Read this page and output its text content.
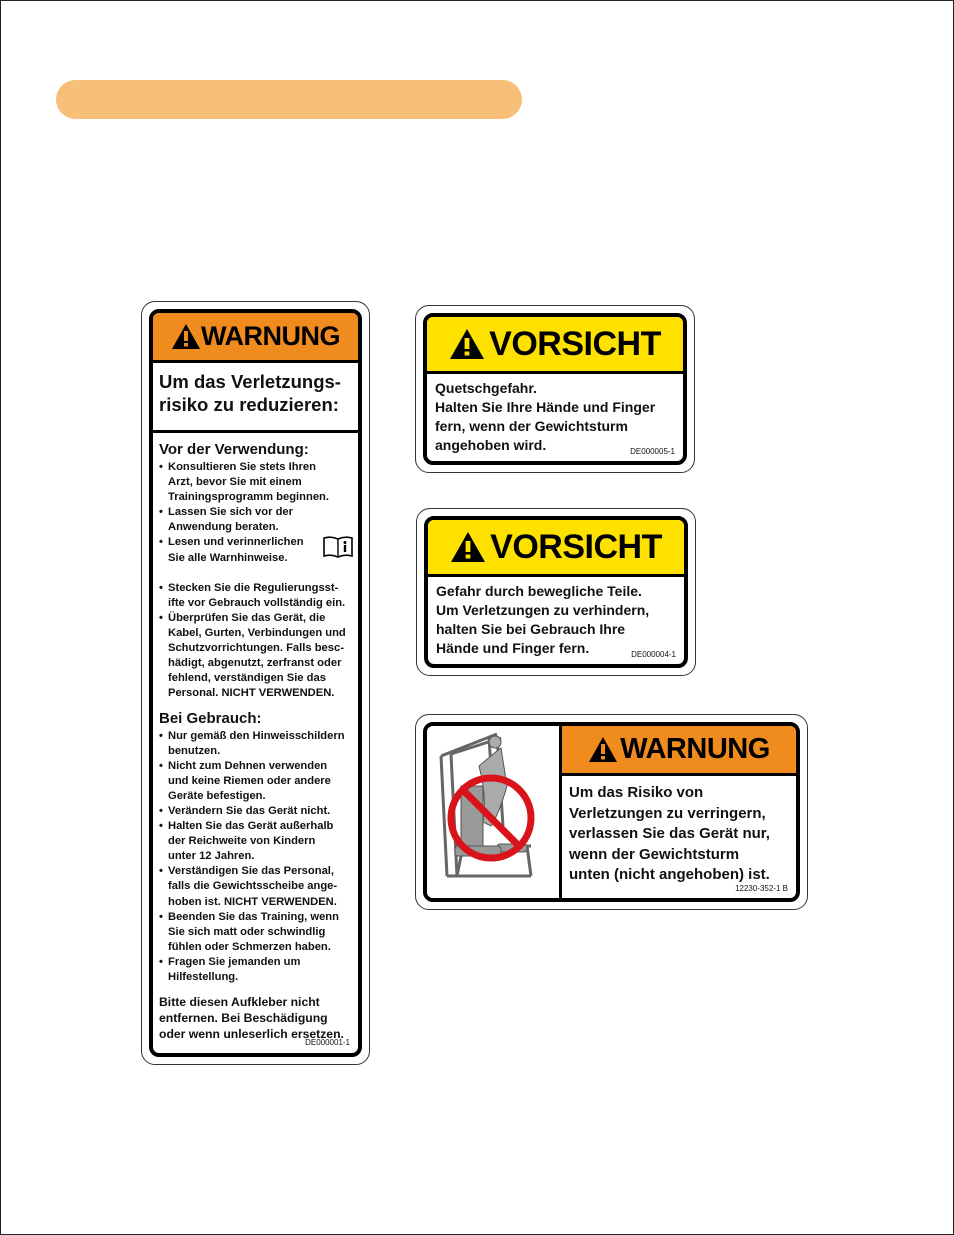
WARNUNG
Um das Verletzungs-
risiko zu reduzieren:
Vor der Verwendung:
• Konsultieren Sie stets Ihren
Arzt, bevor Sie mit einem
Trainingsprogramm beginnen.
• Lassen Sie sich vor der
Anwendung beraten.
• Lesen und verinnerlichen
Sie alle Warnhinweise.

• Stecken Sie die Regulierungsst-
ifte vor Gebrauch vollständig ein.
• Überprüfen Sie das Gerät, die
Kabel, Gurten, Verbindungen und
Schutzvorrichtungen. Falls besc-
hädigt, abgenutzt, zerfranst oder
fehlend, verständigen Sie das
Personal. NICHT VERWENDEN.
Bei Gebrauch:
• Nur gemäß den Hinweisschildern
benutzen.
• Nicht zum Dehnen verwenden
und keine Riemen oder andere
Geräte befestigen.
• Verändern Sie das Gerät nicht.
• Halten Sie das Gerät außerhalb
der Reichweite von Kindern
unter 12 Jahren.
• Verständigen Sie das Personal,
falls die Gewichtsscheibe ange-
hoben ist. NICHT VERWENDEN.
• Beenden Sie das Training, wenn
Sie sich matt oder schwindlig
fühlen oder Schmerzen haben.
• Fragen Sie jemanden um
Hilfestellung.
Bitte diesen Aufkleber nicht
entfernen. Bei Beschädigung
oder wenn unleserlich ersetzen.
DE000001-1
VORSICHT
Quetschgefahr.
Halten Sie Ihre Hände und Finger
fern, wenn der Gewichtsturm
angehoben wird.	DE000005-1
VORSICHT
Gefahr durch bewegliche Teile.
Um Verletzungen zu verhindern,
halten Sie bei Gebrauch Ihre
Hände und Finger fern.	DE000004-1
WARNUNG
Um das Risiko von
Verletzungen zu verringern,
verlassen Sie das Gerät nur,
wenn der Gewichtsturm
unten (nicht angehoben) ist.
12230-352-1 B
